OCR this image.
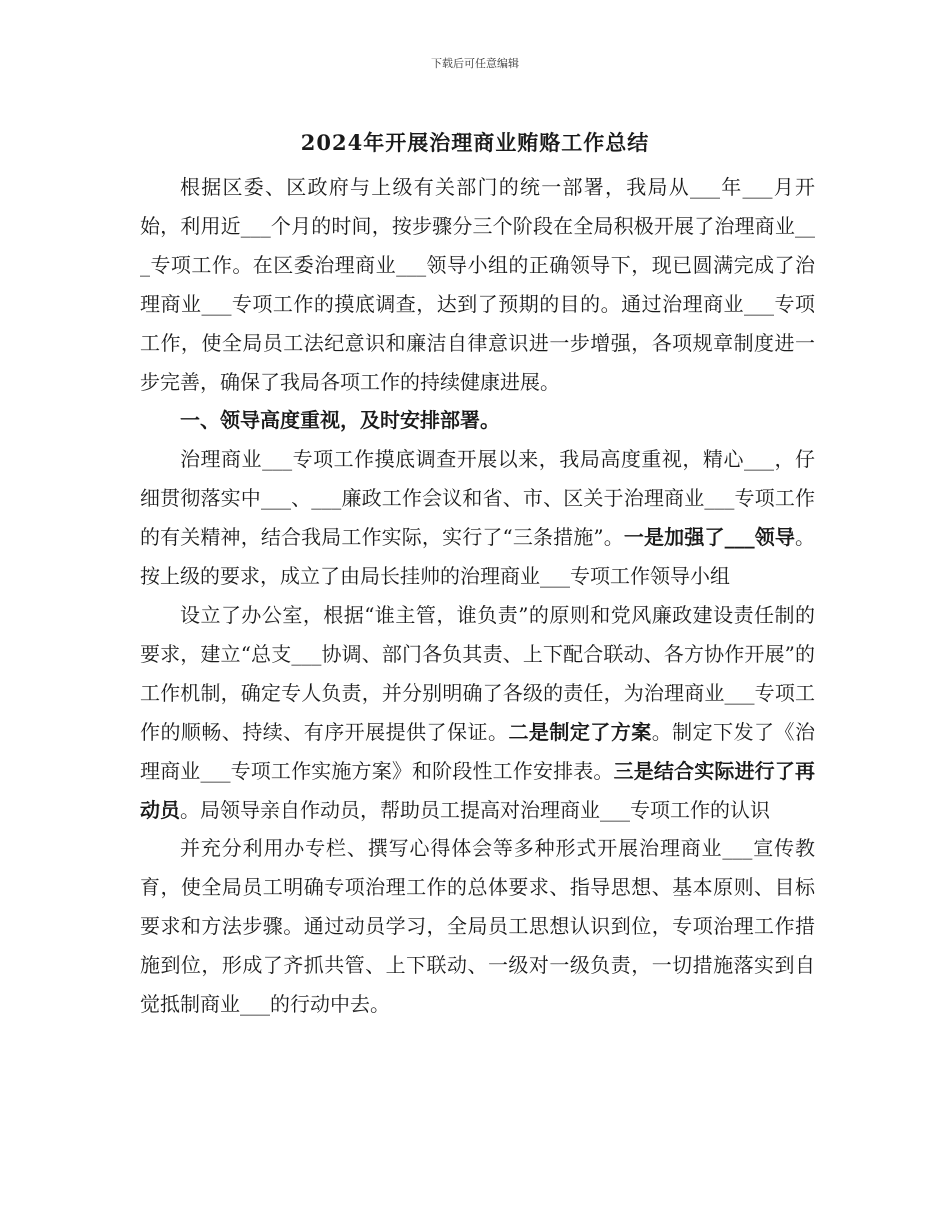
下载后可任意编辑
2024年开展治理商业贿赂工作总结

根据区委、区政府与上级有关部门的统一部署，我局从___年___月开始，利用近___个月的时间，按步骤分三个阶段在全局积极开展了治理商业___专项工作。在区委治理商业___领导小组的正确领导下，现已圆满完成了治理商业___专项工作的摸底调查，达到了预期的目的。通过治理商业___专项工作，使全局员工法纪意识和廉洁自律意识进一步增强，各项规章制度进一步完善，确保了我局各项工作的持续健康进展。

一、领导高度重视，及时安排部署。

治理商业___专项工作摸底调查开展以来，我局高度重视，精心___，仔细贯彻落实中___、___廉政工作会议和省、市、区关于治理商业___专项工作的有关精神，结合我局工作实际，实行了“三条措施”。一是加强了___领导。按上级的要求，成立了由局长挂帅的治理商业___专项工作领导小组

设立了办公室，根据“谁主管，谁负责”的原则和党风廉政建设责任制的要求，建立“总支___协调、部门各负其责、上下配合联动、各方协作开展”的工作机制，确定专人负责，并分别明确了各级的责任，为治理商业___专项工作的顺畅、持续、有序开展提供了保证。二是制定了方案。制定下发了《治理商业___专项工作实施方案》和阶段性工作安排表。三是结合实际进行了再动员。局领导亲自作动员，帮助员工提高对治理商业___专项工作的认识

并充分利用办专栏、撰写心得体会等多种形式开展治理商业___宣传教育，使全局员工明确专项治理工作的总体要求、指导思想、基本原则、目标要求和方法步骤。通过动员学习，全局员工思想认识到位，专项治理工作措施到位，形成了齐抓共管、上下联动、一级对一级负责，一切措施落实到自觉抵制商业___的行动中去。
